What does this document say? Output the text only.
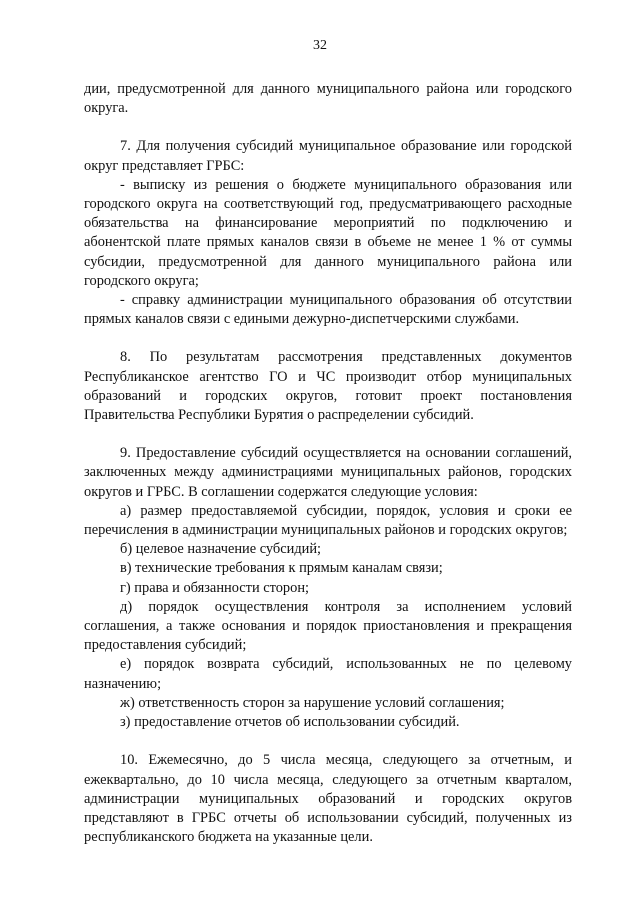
32

дии, предусмотренной для данного муниципального района или городского округа.

7. Для получения субсидий муниципальное образование или городской округ представляет ГРБС:

- выписку из решения о бюджете муниципального образования или городского округа на соответствующий год, предусматривающего расходные обязательства на финансирование мероприятий по подключению и абонентской плате прямых каналов связи в объеме не менее 1 % от суммы субсидии, предусмотренной для данного муниципального района или городского округа;

- справку администрации муниципального образования об отсутствии прямых каналов связи с едиными дежурно-диспетчерскими службами.

8. По результатам рассмотрения представленных документов Республиканское агентство ГО и ЧС производит отбор муниципальных образований и городских округов, готовит проект постановления Правительства Республики Бурятия о распределении субсидий.

9. Предоставление субсидий осуществляется на основании соглашений, заключенных между администрациями муниципальных районов, городских округов и ГРБС. В соглашении содержатся следующие условия:

а) размер предоставляемой субсидии, порядок, условия и сроки ее перечисления в администрации муниципальных районов и городских округов;

б) целевое назначение субсидий;

в) технические требования к прямым каналам связи;

г) права и обязанности сторон;

д) порядок осуществления контроля за исполнением условий соглашения, а также основания и порядок приостановления и прекращения предоставления субсидий;

е) порядок возврата субсидий, использованных не по целевому назначению;

ж) ответственность сторон за нарушение условий соглашения;

з) предоставление отчетов об использовании субсидий.

10. Ежемесячно, до 5 числа месяца, следующего за отчетным, и ежеквартально, до 10 числа месяца, следующего за отчетным кварталом, администрации муниципальных образований и городских округов представляют в ГРБС отчеты об использовании субсидий, полученных из республиканского бюджета на указанные цели.
